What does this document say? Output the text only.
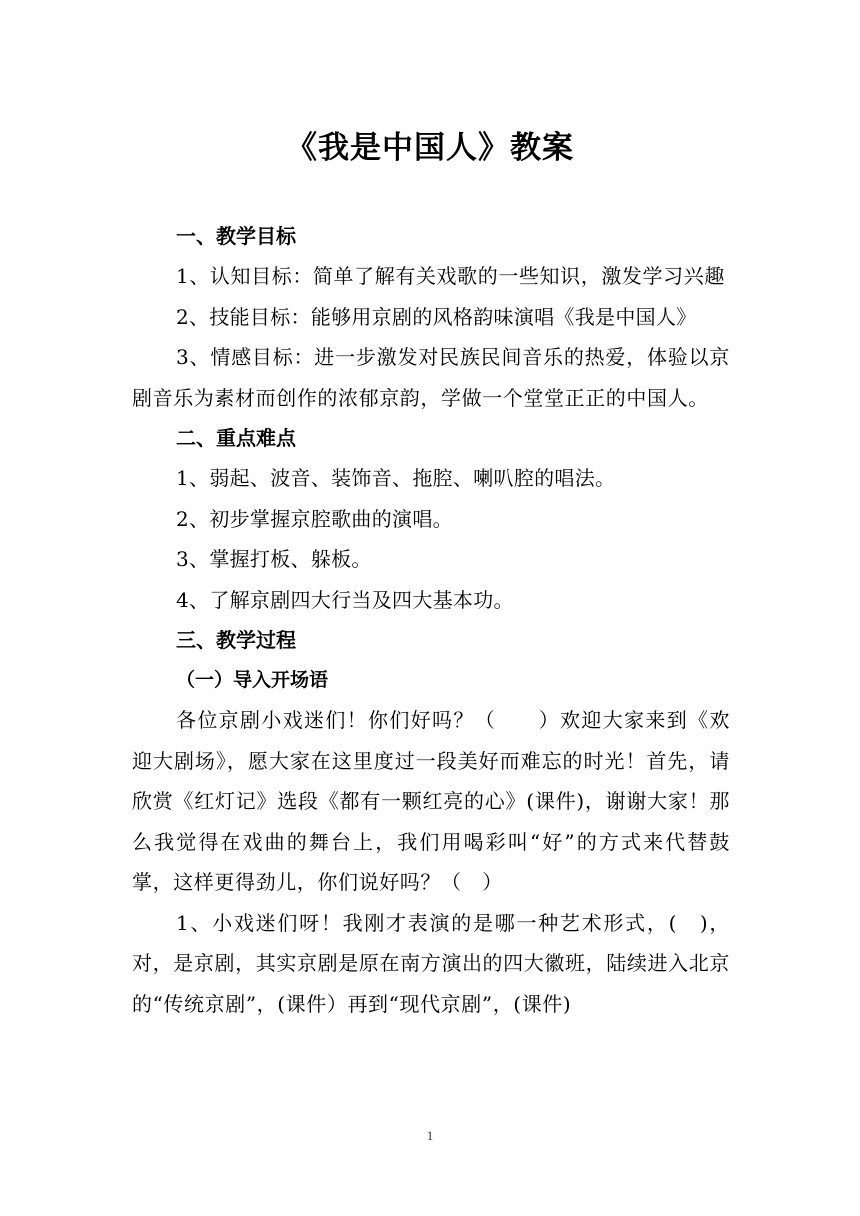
《我是中国人》教案
一、教学目标

1、认知目标：简单了解有关戏歌的一些知识，激发学习兴趣

2、技能目标：能够用京剧的风格韵味演唱《我是中国人》

3、情感目标：进一步激发对民族民间音乐的热爱，体验以京剧音乐为素材而创作的浓郁京韵，学做一个堂堂正正的中国人。

二、重点难点

1、弱起、波音、装饰音、拖腔、喇叭腔的唱法。

2、初步掌握京腔歌曲的演唱。

3、掌握打板、躲板。

4、了解京剧四大行当及四大基本功。

三、教学过程
（一）导入开场语

各位京剧小戏迷们！你们好吗？（　　）欢迎大家来到《欢迎大剧场》，愿大家在这里度过一段美好而难忘的时光！首先，请欣赏《红灯记》选段《都有一颗红亮的心》(课件)，谢谢大家！那么我觉得在戏曲的舞台上，我们用喝彩叫“好”的方式来代替鼓掌，这样更得劲儿，你们说好吗？（　）

1、小戏迷们呀！我刚才表演的是哪一种艺术形式，(　)，对，是京剧，其实京剧是原在南方演出的四大徽班，陆续进入北京的“传统京剧”，(课件）再到“现代京剧”，(课件)

1
